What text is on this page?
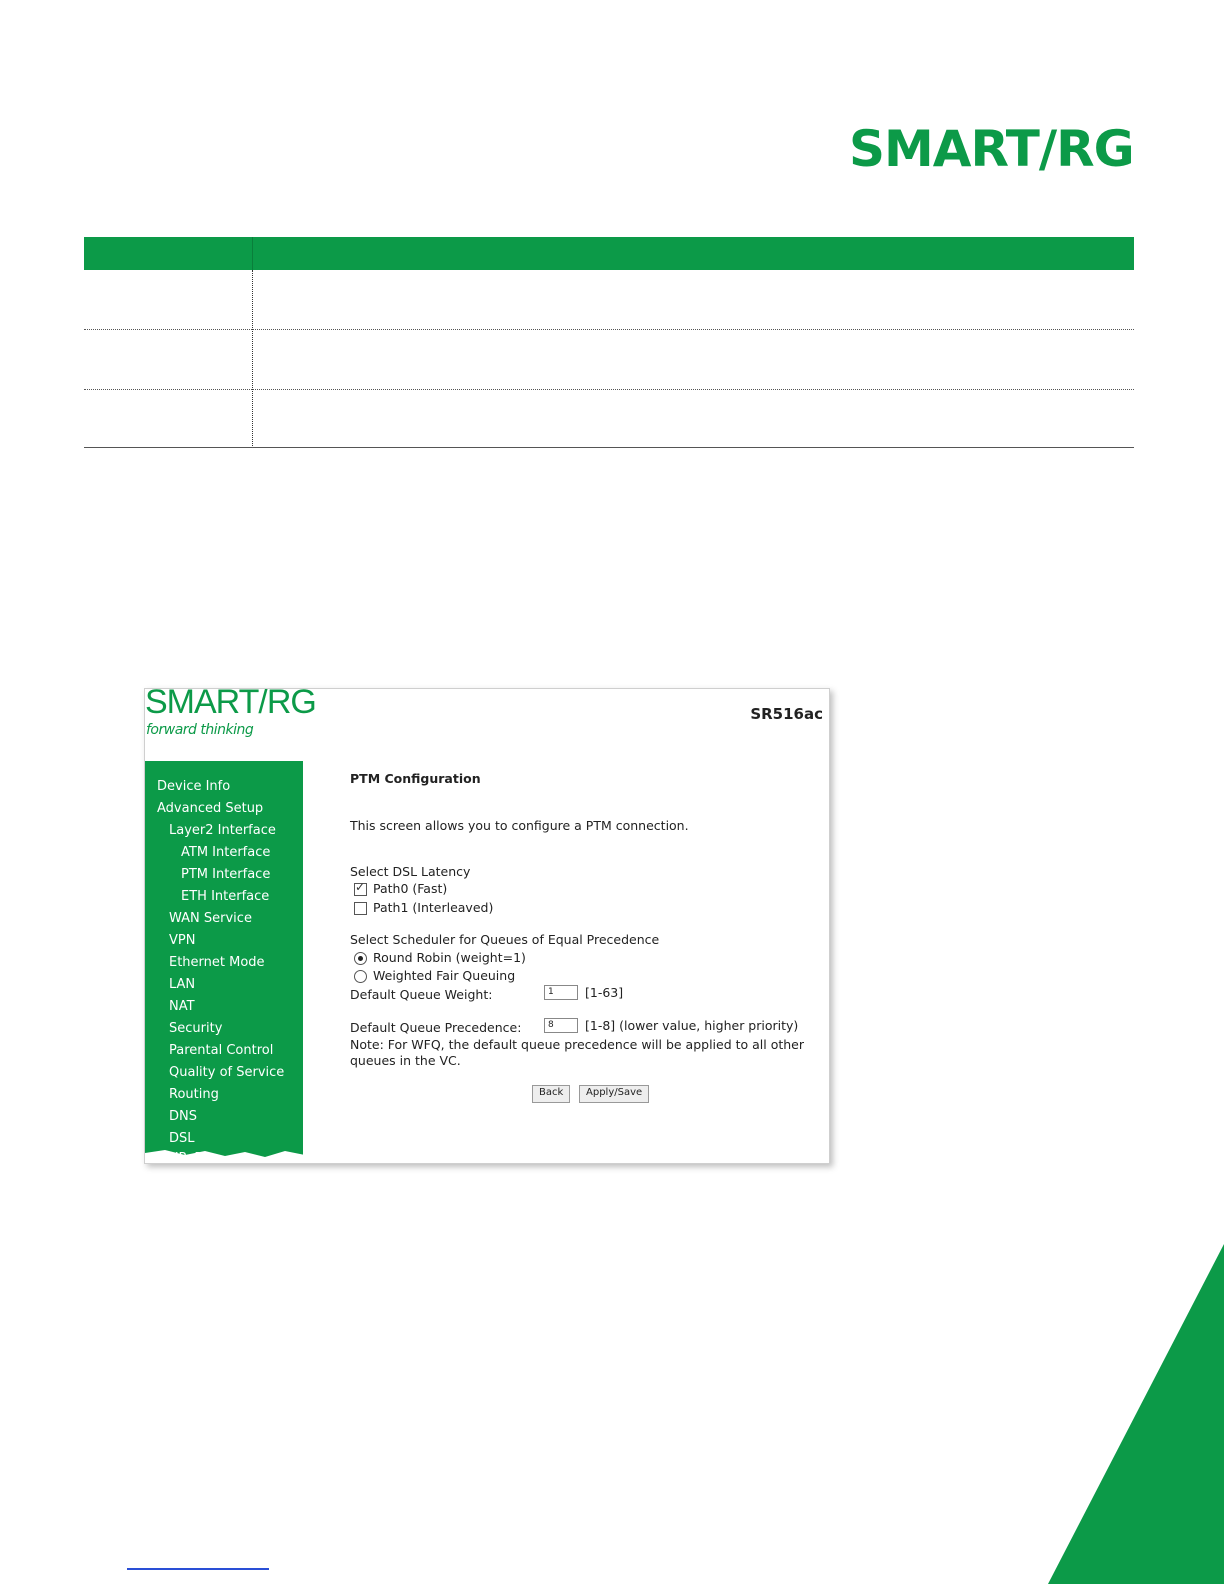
SMART/RG
SMART/RG
forward thinking
SR516ac
Device Info
Advanced Setup
Layer2 Interface
ATM Interface
PTM Interface
ETH Interface
WAN Service
VPN
Ethernet Mode
LAN
NAT
Security
Parental Control
Quality of Service
Routing
DNS
DSL
PTM Configuration
This screen allows you to configure a PTM connection.
Select DSL Latency
✓Path0 (Fast)
Path1 (Interleaved)
Select Scheduler for Queues of Equal Precedence
Round Robin (weight=1)
Weighted Fair Queuing
Default Queue Weight:	1	[1-63]
Default Queue Precedence:	8	[1-8] (lower value, higher priority)
Note: For WFQ, the default queue precedence will be applied to all other
queues in the VC.
Back	Apply/Save
